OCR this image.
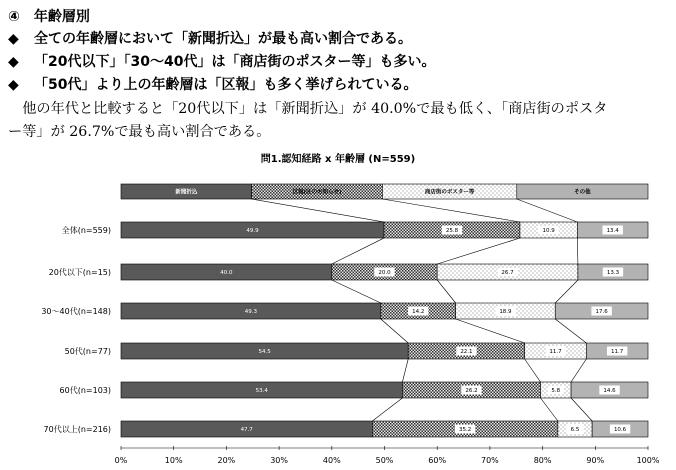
④　年齢層別
◆ 全ての年齢層において「新聞折込」が最も高い割合である。
◆ 「20代以下」「30～40代」は「商店街のポスター等」も多い。
◆ 「50代」より上の年齢層は「区報」も多く挙げられている。
　他の年代と比較すると「20代以下」は「新聞折込」が 40.0%で最も低く、「商店街のポスタ
ー等」が 26.7%で最も高い割合である。
問1.認知経路 x 年齢層 (N=559)
新聞折込	区報(区のお知らせ)	商店街のポスター等	その他
全体(n=559)	49.9	25.8	10.9	13.4
20代以下(n=15)	40.0	20.0	26.7	13.3
30～40代(n=148)	49.3	14.2	18.9	17.6
50代(n=77)	54.5	22.1	11.7	11.7
60代(n=103)	53.4	26.2	5.8	14.6
70代以上(n=216)	47.7	35.2	6.5	10.6
0%	10%	20%	30%	40%	50%	60%	70%	80%	90%	100%
